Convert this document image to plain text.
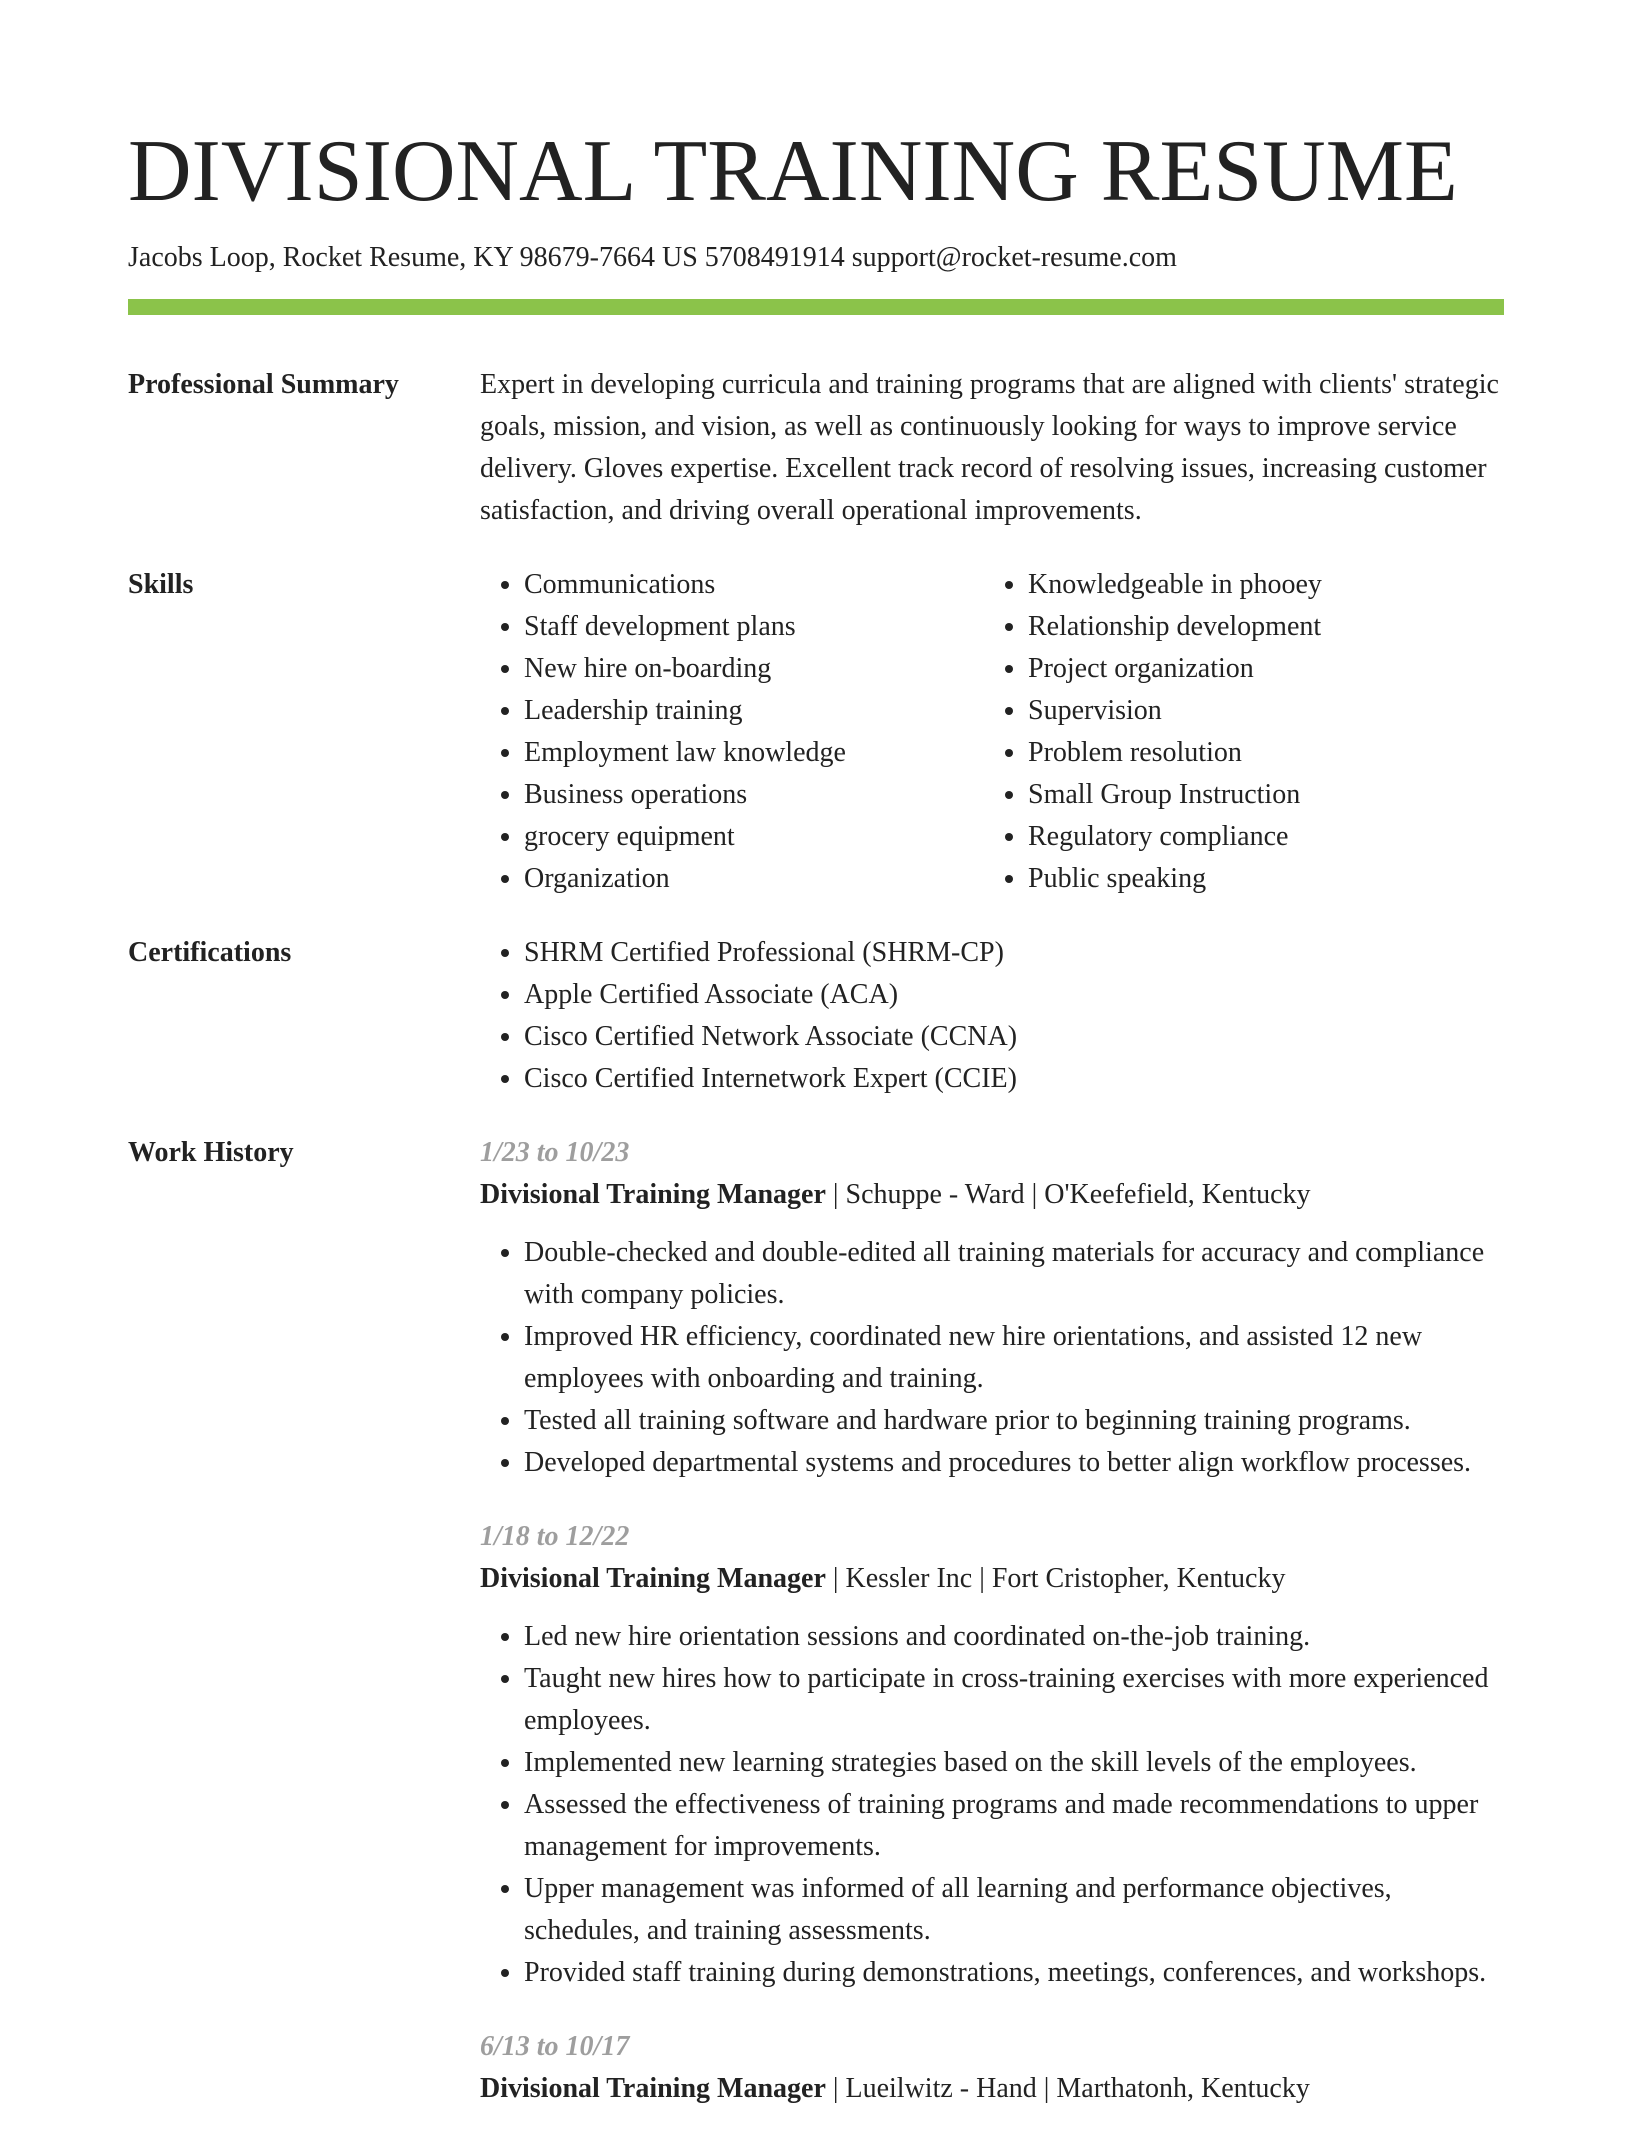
DIVISIONAL TRAINING RESUME
Jacobs Loop, Rocket Resume, KY 98679-7664 US 5708491914 support@rocket-resume.com
Professional Summary	Expert in developing curricula and training programs that are aligned with clients' strategic goals, mission, and vision, as well as continuously looking for ways to improve service delivery. Gloves expertise. Excellent track record of resolving issues, increasing customer satisfaction, and driving overall operational improvements.
Skills	• Communications
• Staff development plans
• New hire on-boarding
• Leadership training
• Employment law knowledge
• Business operations
• grocery equipment
• Organization
• Knowledgeable in phooey
• Relationship development
• Project organization
• Supervision
• Problem resolution
• Small Group Instruction
• Regulatory compliance
• Public speaking
Certifications	• SHRM Certified Professional (SHRM-CP)
• Apple Certified Associate (ACA)
• Cisco Certified Network Associate (CCNA)
• Cisco Certified Internetwork Expert (CCIE)
Work History	1/23 to 10/23
Divisional Training Manager | Schuppe - Ward | O'Keefefield, Kentucky
• Double-checked and double-edited all training materials for accuracy and compliance with company policies.
• Improved HR efficiency, coordinated new hire orientations, and assisted 12 new employees with onboarding and training.
• Tested all training software and hardware prior to beginning training programs.
• Developed departmental systems and procedures to better align workflow processes.
1/18 to 12/22
Divisional Training Manager | Kessler Inc | Fort Cristopher, Kentucky
• Led new hire orientation sessions and coordinated on-the-job training.
• Taught new hires how to participate in cross-training exercises with more experienced employees.
• Implemented new learning strategies based on the skill levels of the employees.
• Assessed the effectiveness of training programs and made recommendations to upper management for improvements.
• Upper management was informed of all learning and performance objectives, schedules, and training assessments.
• Provided staff training during demonstrations, meetings, conferences, and workshops.
6/13 to 10/17
Divisional Training Manager | Lueilwitz - Hand | Marthatonh, Kentucky
